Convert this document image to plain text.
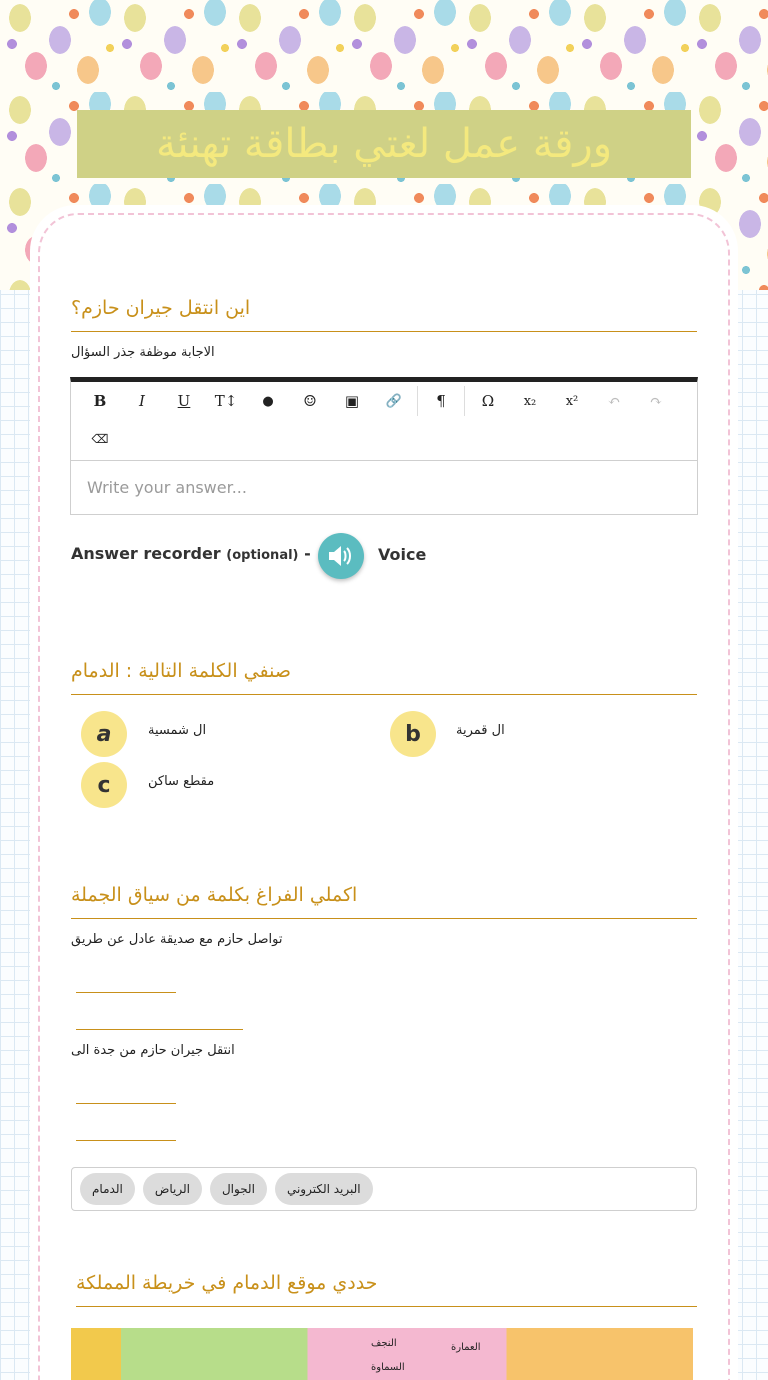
ورقة عمل لغتي بطاقة تهنئة
اين انتقل جيران حازم؟
الاجابة موظفة جذر السؤال
B	I	U	T↕	●	☺	▣	🔗	¶	Ω	x₂	x²	↶	↷
⌫
Write your answer...
Answer recorder (optional) -	Voice
صنفي الكلمة التالية : الدمام
a	ال شمسية	b	ال قمرية
c	مقطع ساكن
اكملي الفراغ بكلمة من سياق الجملة
تواصل حازم مع صديقة عادل عن طريق
انتقل جيران حازم من جدة الى
الدمام	الرياض	الجوال	البريد الكتروني
حددي موقع الدمام في خريطة المملكة
النجف
السماوة
العمارة
